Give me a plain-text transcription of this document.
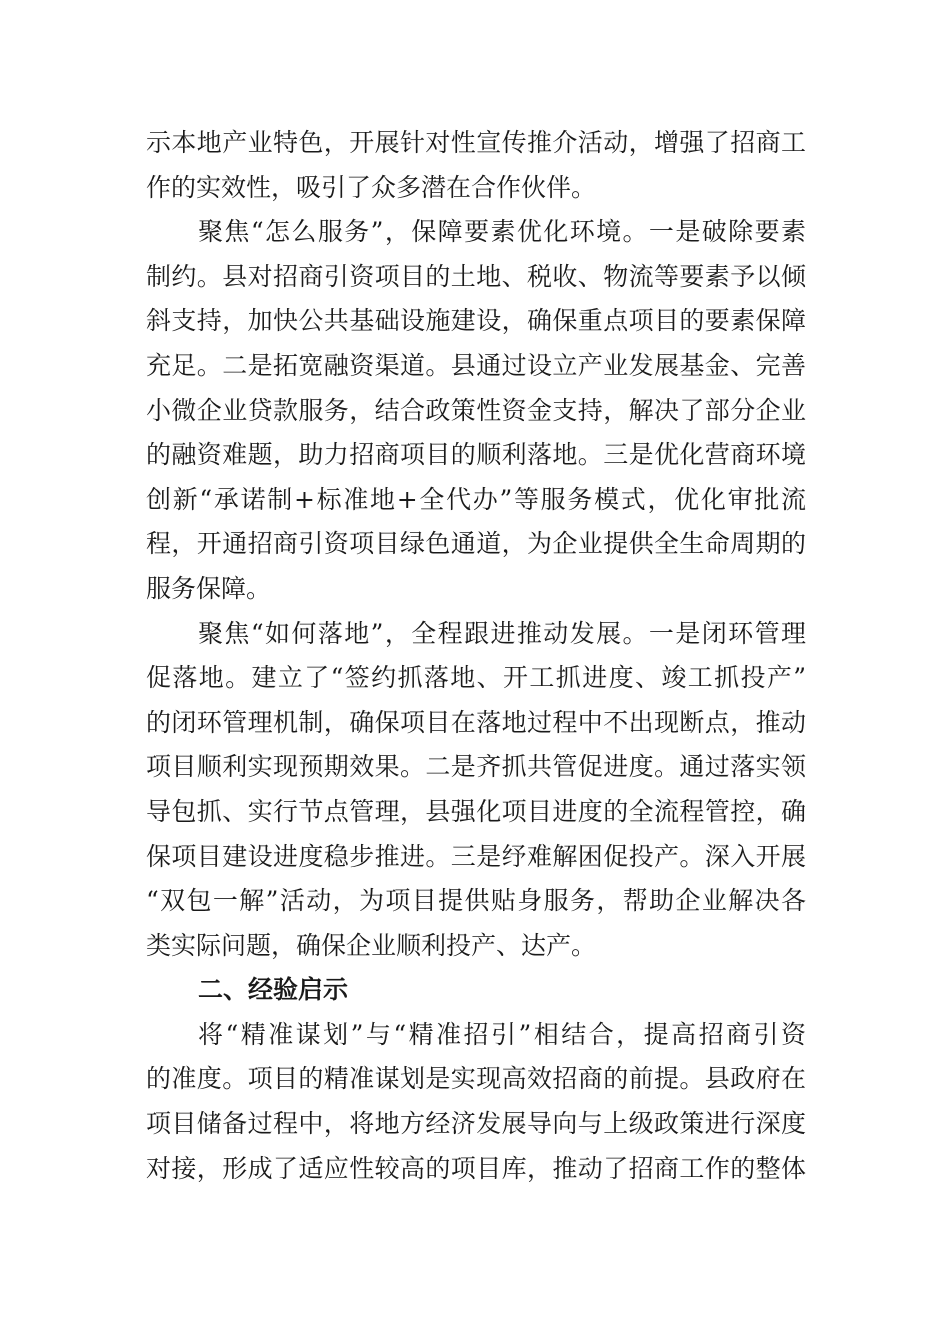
示本地产业特色，开展针对性宣传推介活动，增强了招商工
作的实效性，吸引了众多潜在合作伙伴。
聚焦“怎么服务”，保障要素优化环境。一是破除要素
制约。县对招商引资项目的土地、税收、物流等要素予以倾
斜支持，加快公共基础设施建设，确保重点项目的要素保障
充足。二是拓宽融资渠道。县通过设立产业发展基金、完善
小微企业贷款服务，结合政策性资金支持，解决了部分企业
的融资难题，助力招商项目的顺利落地。三是优化营商环境
创新“承诺制+标准地+全代办”等服务模式，优化审批流
程，开通招商引资项目绿色通道，为企业提供全生命周期的
服务保障。
聚焦“如何落地”，全程跟进推动发展。一是闭环管理
促落地。建立了“签约抓落地、开工抓进度、竣工抓投产”
的闭环管理机制，确保项目在落地过程中不出现断点，推动
项目顺利实现预期效果。二是齐抓共管促进度。通过落实领
导包抓、实行节点管理，县强化项目进度的全流程管控，确
保项目建设进度稳步推进。三是纾难解困促投产。深入开展
“双包一解”活动，为项目提供贴身服务，帮助企业解决各
类实际问题，确保企业顺利投产、达产。
二、经验启示
将“精准谋划”与“精准招引”相结合，提高招商引资
的准度。项目的精准谋划是实现高效招商的前提。县政府在
项目储备过程中，将地方经济发展导向与上级政策进行深度
对接，形成了适应性较高的项目库，推动了招商工作的整体
